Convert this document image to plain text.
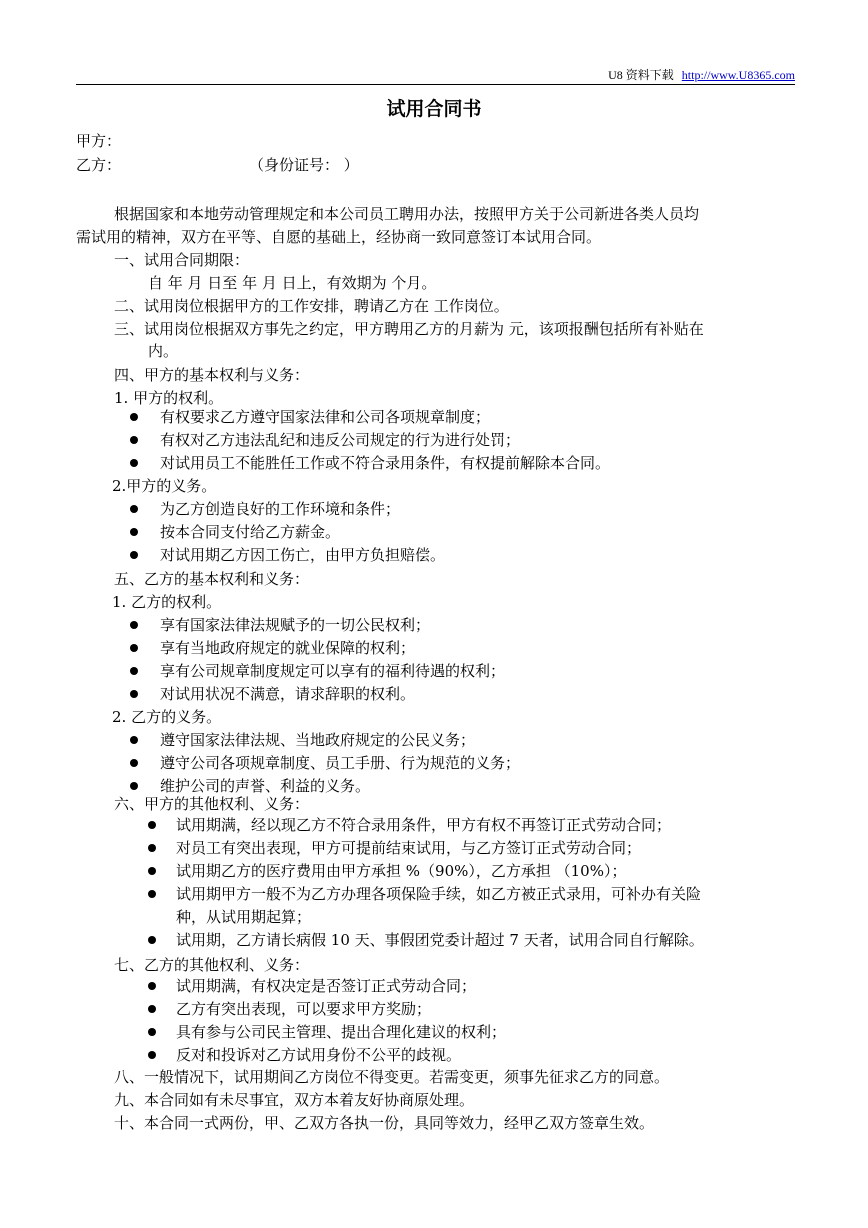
U8 资料下载 http://www.U8365.com
试用合同书
甲方：
乙方：	（身份证号： ）
根据国家和本地劳动管理规定和本公司员工聘用办法，按照甲方关于公司新进各类人员均
需试用的精神，双方在平等、自愿的基础上，经协商一致同意签订本试用合同。
一、试用合同期限：
自 年 月 日至 年 月 日上，有效期为 个月。
二、试用岗位根据甲方的工作安排，聘请乙方在 工作岗位。
三、试用岗位根据双方事先之约定，甲方聘用乙方的月薪为 元，该项报酬包括所有补贴在
内。
四、甲方的基本权利与义务：
1. 甲方的权利。
有权要求乙方遵守国家法律和公司各项规章制度；
有权对乙方违法乱纪和违反公司规定的行为进行处罚；
对试用员工不能胜任工作或不符合录用条件，有权提前解除本合同。
2.甲方的义务。
为乙方创造良好的工作环境和条件；
按本合同支付给乙方薪金。
对试用期乙方因工伤亡，由甲方负担赔偿。
五、乙方的基本权利和义务：
1. 乙方的权利。
享有国家法律法规赋予的一切公民权利；
享有当地政府规定的就业保障的权利；
享有公司规章制度规定可以享有的福利待遇的权利；
对试用状况不满意，请求辞职的权利。
2. 乙方的义务。
遵守国家法律法规、当地政府规定的公民义务；
遵守公司各项规章制度、员工手册、行为规范的义务；
维护公司的声誉、利益的义务。
六、甲方的其他权利、义务：
试用期满，经以现乙方不符合录用条件，甲方有权不再签订正式劳动合同；
对员工有突出表现，甲方可提前结束试用，与乙方签订正式劳动合同；
试用期乙方的医疗费用由甲方承担 %（90%），乙方承担 （10%）；
试用期甲方一般不为乙方办理各项保险手续，如乙方被正式录用，可补办有关险
种，从试用期起算；
试用期，乙方请长病假 10 天、事假团党委计超过 7 天者，试用合同自行解除。
七、乙方的其他权利、义务：
试用期满，有权决定是否签订正式劳动合同；
乙方有突出表现，可以要求甲方奖励；
具有参与公司民主管理、提出合理化建议的权利；
反对和投诉对乙方试用身份不公平的歧视。
八、一般情况下，试用期间乙方岗位不得变更。若需变更，须事先征求乙方的同意。
九、本合同如有未尽事宜，双方本着友好协商原处理。
十、本合同一式两份，甲、乙双方各执一份，具同等效力，经甲乙双方签章生效。
